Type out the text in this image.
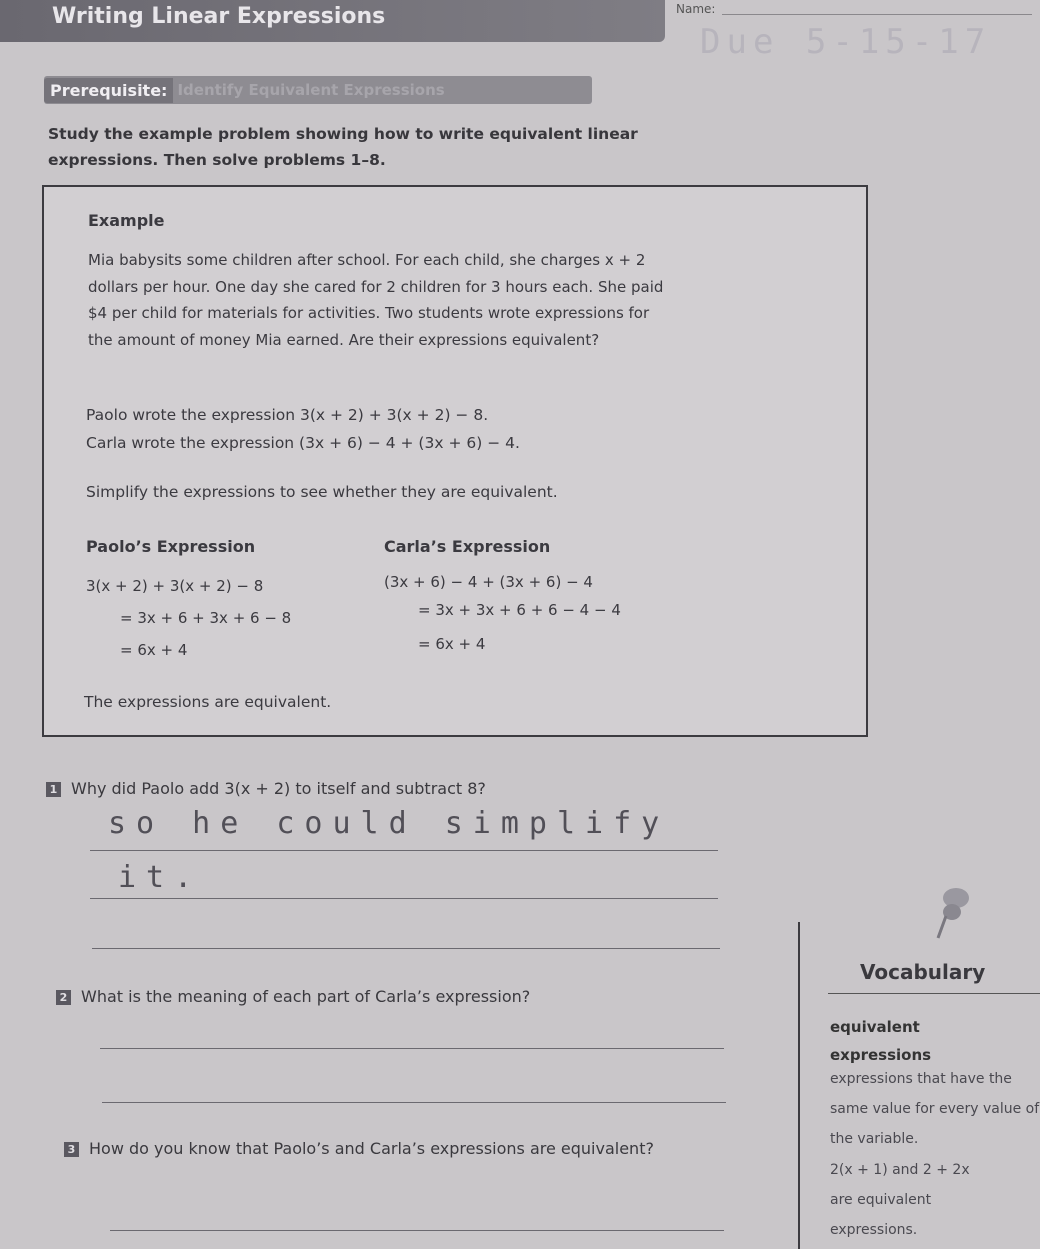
Writing Linear Expressions	Name:
Due 5-15-17
Prerequisite: Identify Equivalent Expressions
Study the example problem showing how to write equivalent linear expressions. Then solve problems 1–8.
Example
Mia babysits some children after school. For each child, she charges x + 2 dollars per hour. One day she cared for 2 children for 3 hours each. She paid $4 per child for materials for activities. Two students wrote expressions for the amount of money Mia earned. Are their expressions equivalent?
Paolo wrote the expression 3(x + 2) + 3(x + 2) − 8.
Carla wrote the expression (3x + 6) − 4 + (3x + 6) − 4.
Simplify the expressions to see whether they are equivalent.
Paolo’s Expression	Carla’s Expression
3(x + 2) + 3(x + 2) − 8
= 3x + 6 + 3x + 6 − 8
= 6x + 4
(3x + 6) − 4 + (3x + 6) − 4
= 3x + 3x + 6 + 6 − 4 − 4
= 6x + 4
The expressions are equivalent.
1 Why did Paolo add 3(x + 2) to itself and subtract 8?
so he could simplify
it.
2 What is the meaning of each part of Carla’s expression?
3 How do you know that Paolo’s and Carla’s expressions are equivalent?
Vocabulary
equivalent expressions
expressions that have the same value for every value of the variable.
2(x + 1) and 2 + 2x
are equivalent expressions.
